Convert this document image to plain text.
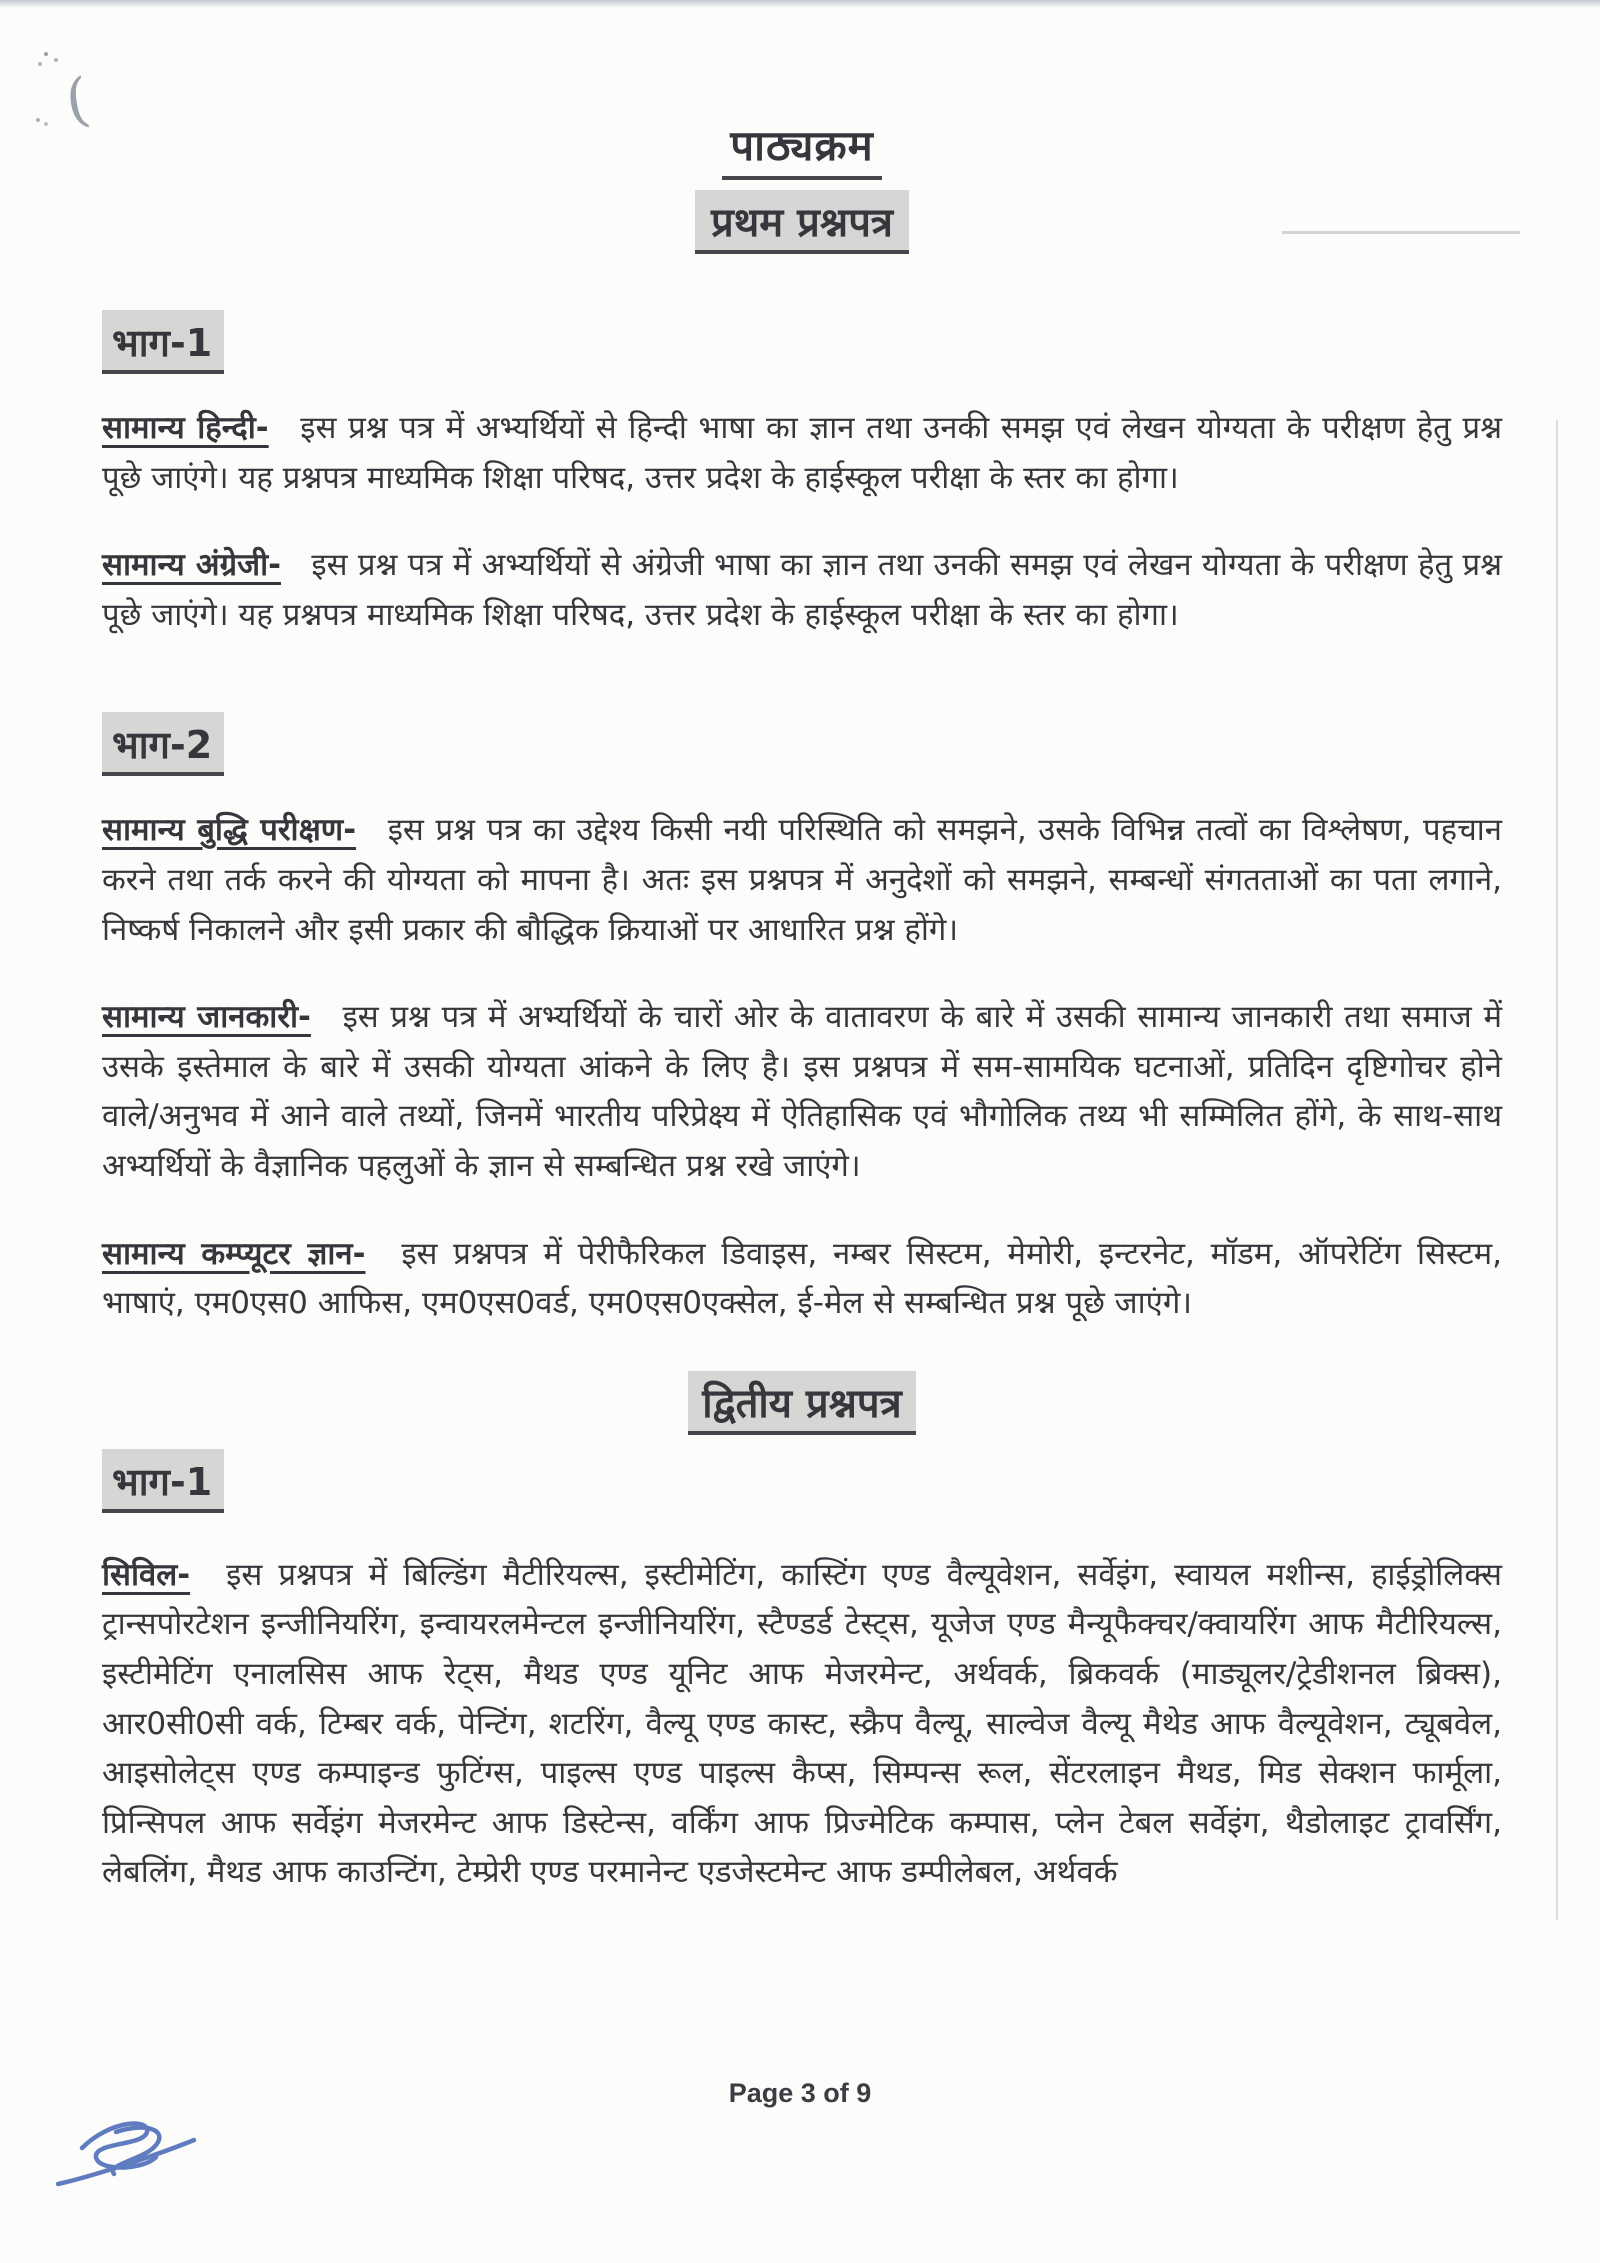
(
पाठ्यक्रम
प्रथम प्रश्नपत्र
भाग-1

सामान्य हिन्दी- इस प्रश्न पत्र में अभ्यर्थियों से हिन्दी भाषा का ज्ञान तथा उनकी समझ एवं लेखन योग्यता के परीक्षण हेतु प्रश्न पूछे जाएंगे। यह प्रश्नपत्र माध्यमिक शिक्षा परिषद, उत्तर प्रदेश के हाईस्कूल परीक्षा के स्तर का होगा।

सामान्य अंग्रेजी- इस प्रश्न पत्र में अभ्यर्थियों से अंग्रेजी भाषा का ज्ञान तथा उनकी समझ एवं लेखन योग्यता के परीक्षण हेतु प्रश्न पूछे जाएंगे। यह प्रश्नपत्र माध्यमिक शिक्षा परिषद, उत्तर प्रदेश के हाईस्कूल परीक्षा के स्तर का होगा।

भाग-2

सामान्य बुद्धि परीक्षण- इस प्रश्न पत्र का उद्देश्य किसी नयी परिस्थिति को समझने, उसके विभिन्न तत्वों का विश्लेषण, पहचान करने तथा तर्क करने की योग्यता को मापना है। अतः इस प्रश्नपत्र में अनुदेशों को समझने, सम्बन्धों संगतताओं का पता लगाने, निष्कर्ष निकालने और इसी प्रकार की बौद्धिक क्रियाओं पर आधारित प्रश्न होंगे।

सामान्य जानकारी- इस प्रश्न पत्र में अभ्यर्थियों के चारों ओर के वातावरण के बारे में उसकी सामान्य जानकारी तथा समाज में उसके इस्तेमाल के बारे में उसकी योग्यता आंकने के लिए है। इस प्रश्नपत्र में सम-सामयिक घटनाओं, प्रतिदिन दृष्टिगोचर होने वाले/अनुभव में आने वाले तथ्यों, जिनमें भारतीय परिप्रेक्ष्य में ऐतिहासिक एवं भौगोलिक तथ्य भी सम्मिलित होंगे, के साथ-साथ अभ्यर्थियों के वैज्ञानिक पहलुओं के ज्ञान से सम्बन्धित प्रश्न रखे जाएंगे।

सामान्य कम्प्यूटर ज्ञान- इस प्रश्नपत्र में पेरीफैरिकल डिवाइस, नम्बर सिस्टम, मेमोरी, इन्टरनेट, मॉडम, ऑपरेटिंग सिस्टम, भाषाएं, एम0एस0 आफिस, एम0एस0वर्ड, एम0एस0एक्सेल, ई-मेल से सम्बन्धित प्रश्न पूछे जाएंगे।

द्वितीय प्रश्नपत्र
भाग-1

सिविल- इस प्रश्नपत्र में बिल्डिंग मैटीरियल्स, इस्टीमेटिंग, कास्टिंग एण्ड वैल्यूवेशन, सर्वेइंग, स्वायल मशीन्स, हाईड्रोलिक्स ट्रान्सपोरटेशन इन्जीनियरिंग, इन्वायरलमेन्टल इन्जीनियरिंग, स्टैण्डर्ड टेस्ट्स, यूजेज एण्ड मैन्यूफैक्चर/क्वायरिंग आफ मैटीरियल्स, इस्टीमेटिंग एनालसिस आफ रेट्स, मैथड एण्ड यूनिट आफ मेजरमेन्ट, अर्थवर्क, ब्रिकवर्क (माड्यूलर/ट्रेडीशनल ब्रिक्स), आर0सी0सी वर्क, टिम्बर वर्क, पेन्टिंग, शटरिंग, वैल्यू एण्ड कास्ट, स्क्रैप वैल्यू, साल्वेज वैल्यू मैथेड आफ वैल्यूवेशन, ट्यूबवेल, आइसोलेट्स एण्ड कम्पाइन्ड फुटिंग्स, पाइल्स एण्ड पाइल्स कैप्स, सिम्पन्स रूल, सेंटरलाइन मैथड, मिड सेक्शन फार्मूला, प्रिन्सिपल आफ सर्वेइंग मेजरमेन्ट आफ डिस्टेन्स, वर्किंग आफ प्रिज्मेटिक कम्पास, प्लेन टेबल सर्वेइंग, थैडोलाइट ट्रावर्सिंग, लेबलिंग, मैथड आफ काउन्टिंग, टेम्प्रेरी एण्ड परमानेन्ट एडजेस्टमेन्ट आफ डम्पीलेबल, अर्थवर्क

Page 3 of 9
